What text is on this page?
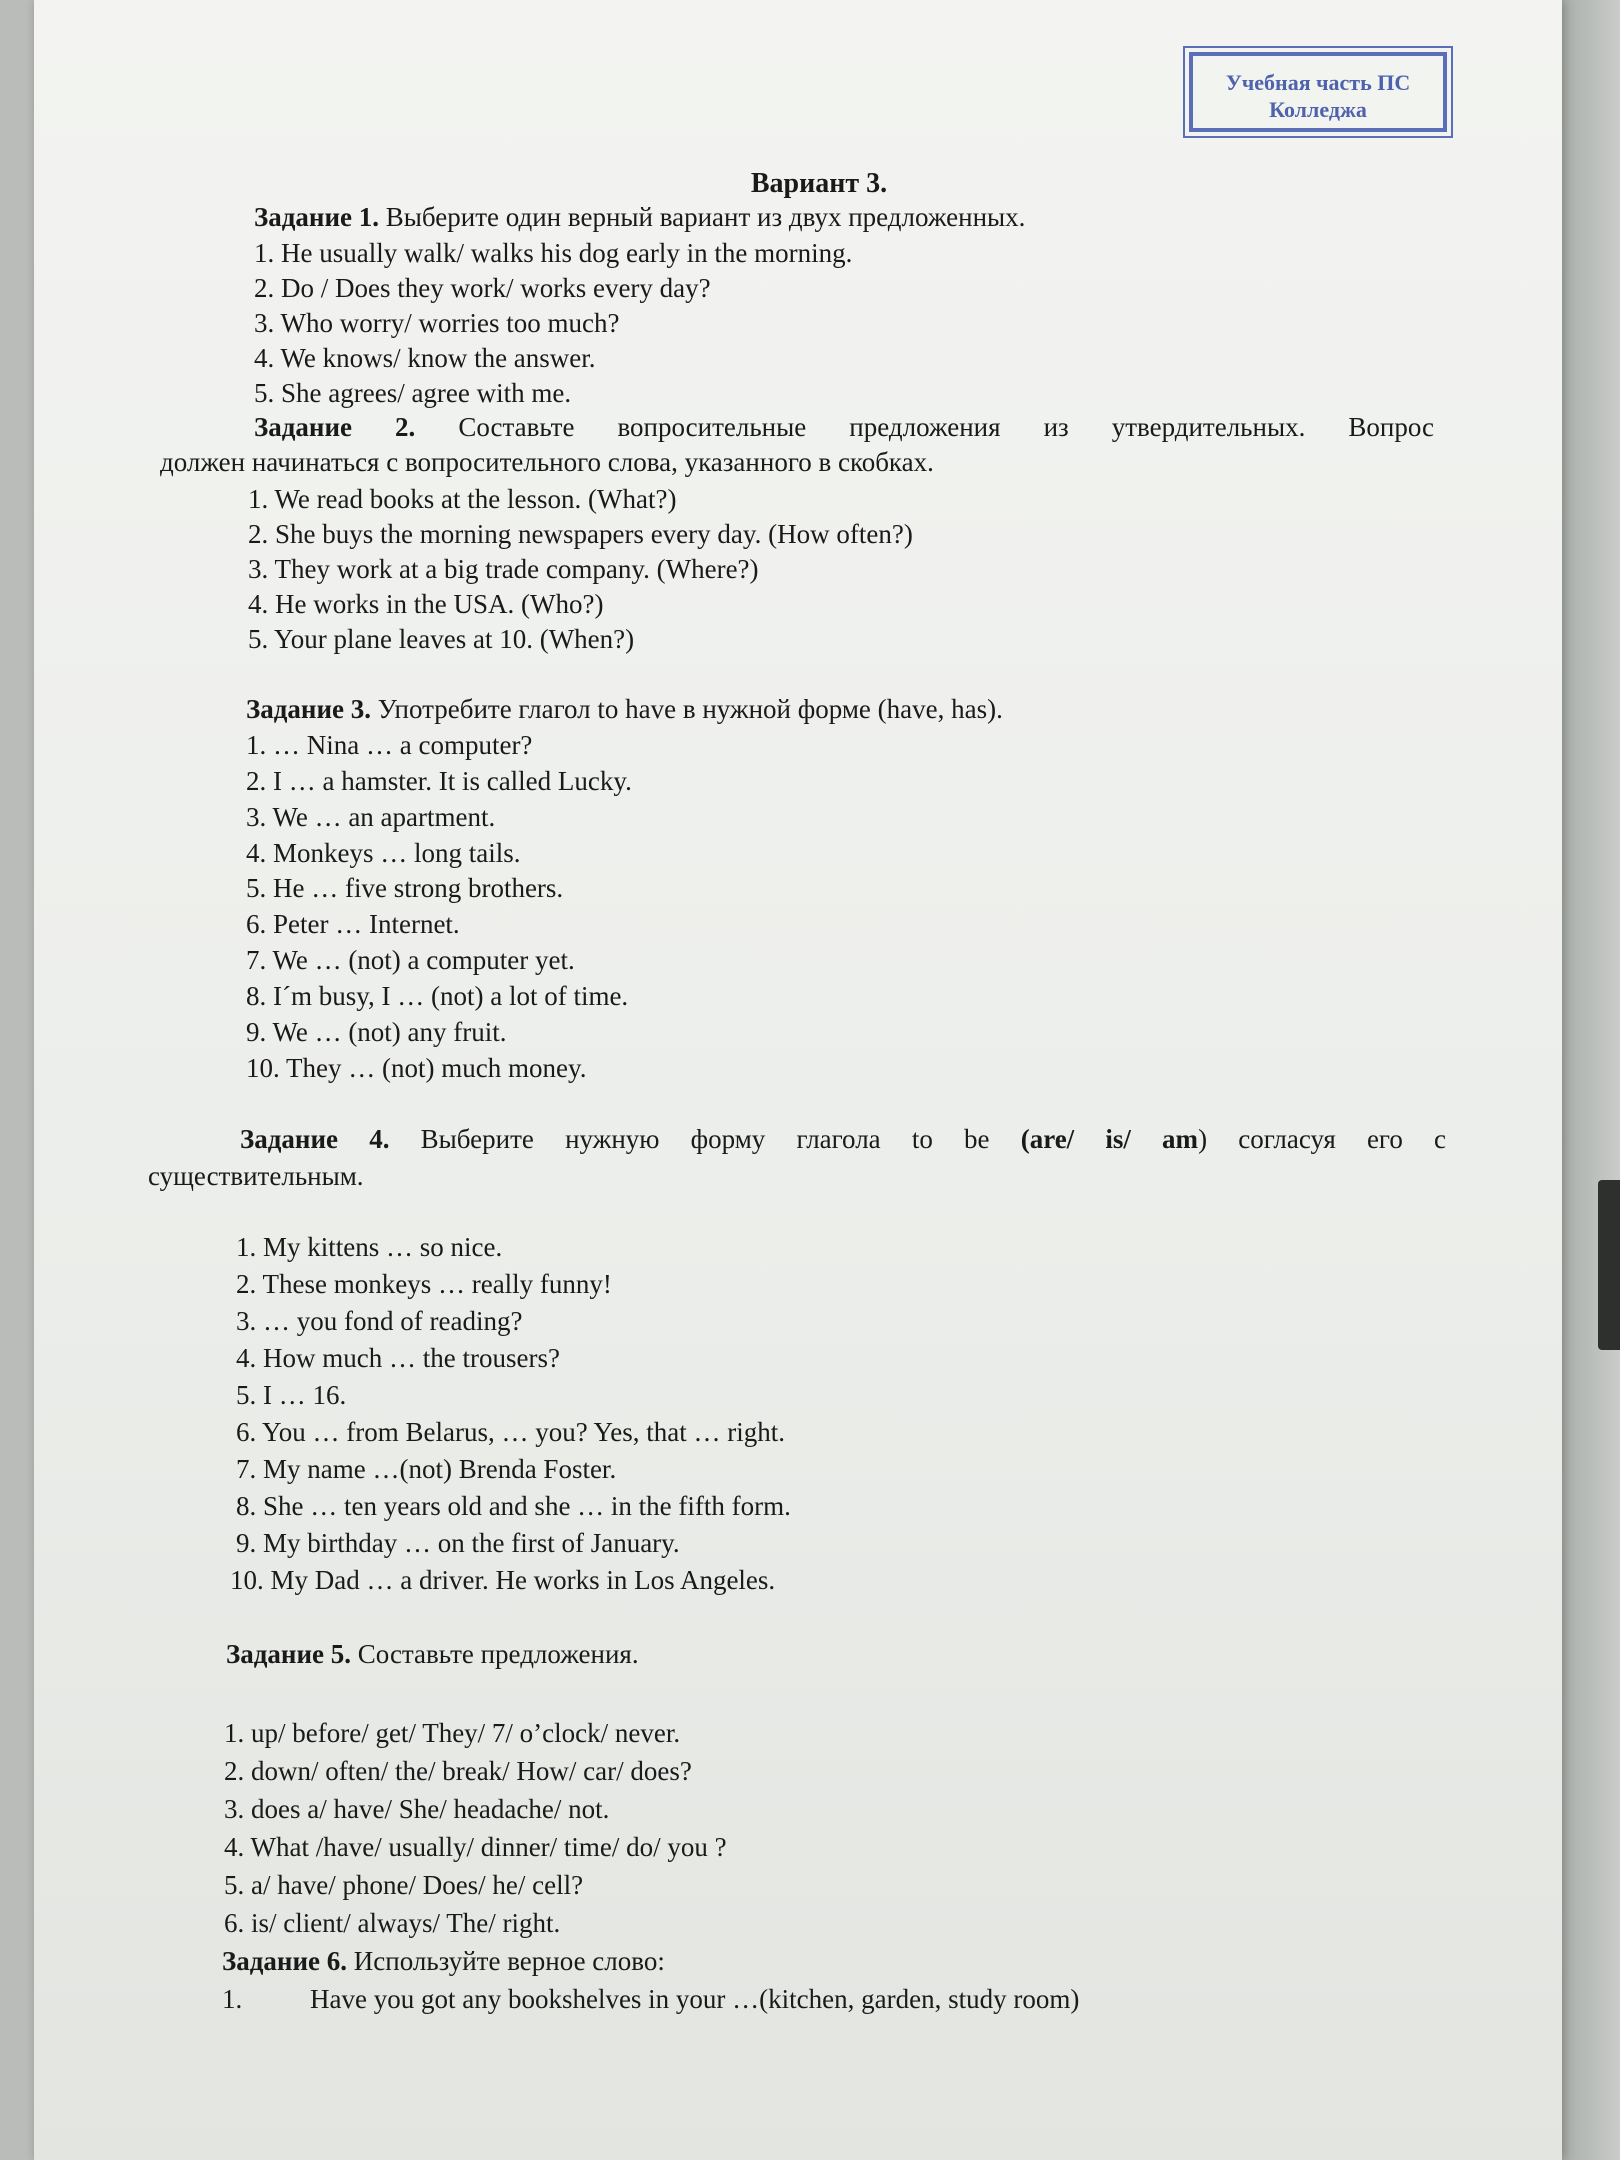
Учебная часть ПС
Колледжа
Вариант 3.
Задание 1. Выберите один верный вариант из двух предложенных.
1. He usually walk/ walks his dog early in the morning.
2. Do / Does they work/ works every day?
3. Who worry/ worries too much?
4. We knows/ know the answer.
5. She agrees/ agree with me.
Задание 2. Составьте вопросительные предложения из утвердительных. Вопрос
должен начинаться с вопросительного слова, указанного в скобках.
1. We read books at the lesson. (What?)
2. She buys the morning newspapers every day. (How often?)
3. They work at a big trade company. (Where?)
4. He works in the USA. (Who?)
5. Your plane leaves at 10. (When?)
Задание 3. Употребите глагол to have в нужной форме (have, has).
1. … Nina … a computer?
2. I … a hamster. It is called Lucky.
3. We … an apartment.
4. Monkeys … long tails.
5. He … five strong brothers.
6. Peter … Internet.
7. We … (not) a computer yet.
8. I´m busy, I … (not) a lot of time.
9. We … (not) any fruit.
10. They … (not) much money.
Задание 4. Выберите нужную форму глагола to be (are/ is/ am) согласуя его с
существительным.
1. My kittens … so nice.
2. These monkeys … really funny!
3. … you fond of reading?
4. How much … the trousers?
5. I … 16.
6. You … from Belarus, … you? Yes, that … right.
7. My name …(not) Brenda Foster.
8. She … ten years old and she … in the fifth form.
9. My birthday … on the first of January.
10. My Dad … a driver. He works in Los Angeles.
Задание 5. Составьте предложения.
1. up/ before/ get/ They/ 7/ o’clock/ never.
2. down/ often/ the/ break/ How/ car/ does?
3. does a/ have/ She/ headache/ not.
4. What /have/ usually/ dinner/ time/ do/ you ?
5. a/ have/ phone/ Does/ he/ cell?
6. is/ client/ always/ The/ right.
Задание 6. Используйте верное слово:
1.	Have you got any bookshelves in your …(kitchen, garden, study room)
